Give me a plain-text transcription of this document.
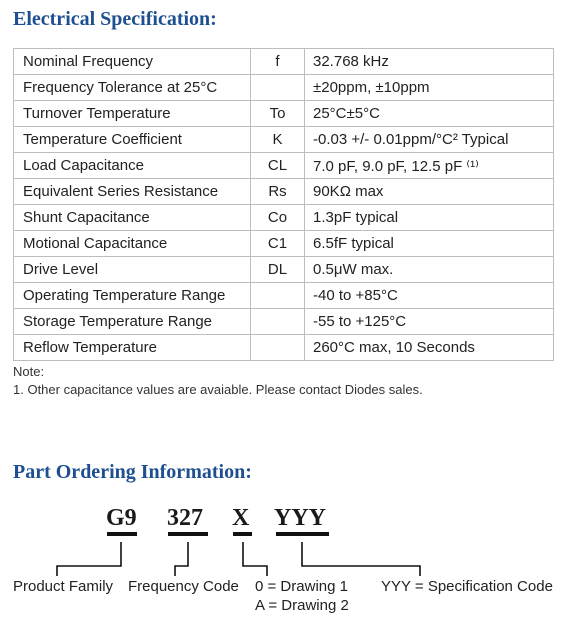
Electrical Specification:
Nominal Frequency	f	32.768 kHz
Frequency Tolerance at 25°C		±20ppm, ±10ppm
Turnover Temperature	To	25°C±5°C
Temperature Coefficient	K	-0.03 +/- 0.01ppm/°C² Typical
Load Capacitance	CL	7.0 pF, 9.0 pF, 12.5 pF ⁽¹⁾
Equivalent Series Resistance	Rs	90KΩ max
Shunt Capacitance	Co	1.3pF typical
Motional Capacitance	C1	6.5fF typical
Drive Level	DL	0.5μW max.
Operating Temperature Range		-40 to +85°C
Storage Temperature Range		-55 to +125°C
Reflow Temperature		260°C max, 10 Seconds
Note:
1. Other capacitance values are avaiable. Please contact Diodes sales.
Part Ordering Information:
G9 327 X YYY
Product Family Frequency Code 0 = Drawing 1
A = Drawing 2
YYY = Specification Code
